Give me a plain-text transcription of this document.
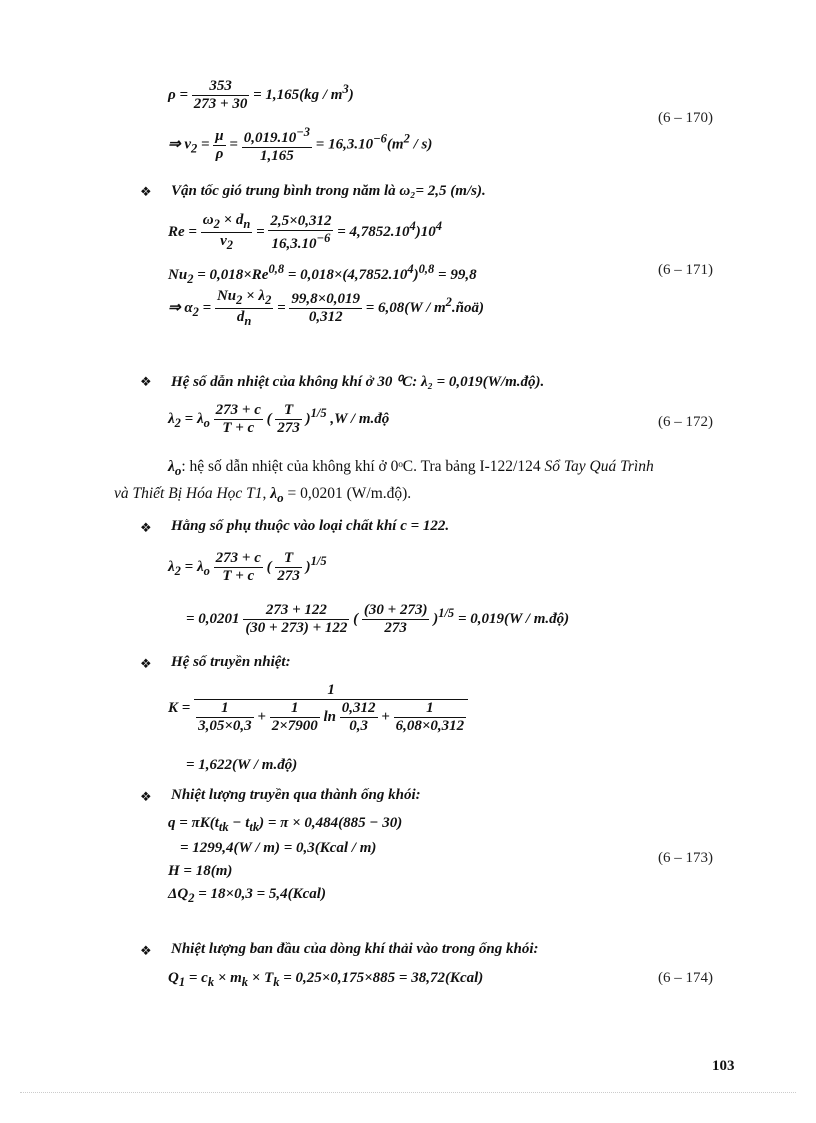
$\rho = \frac{353}{273 + 30} = 1,165(kg / m^3)$
⇒ $\nu_2 = \frac{\mu}{\rho} = \frac{0,019.10^{-3}}{1,165} = 16,3.10^{-6}(m^2 / s)$
(6 – 170)
❖ Vận tốc gió trung bình trong năm là ω₂= 2,5 (m/s).
$Re = \frac{\omega_2 \times d_n}{\nu_2} = \frac{2,5\times 0,312}{16,3.10^{-6}} = 4,7852.10^4)10^4$
$Nu_2 = 0,018\times Re^{0,8} = 0,018\times(4,7852.10^4)^{0,8} = 99,8$	(6 – 171)
⇒ $\alpha_2 = \frac{Nu_2 \times \lambda_2}{d_n} = \frac{99,8\times 0,019}{0,312} = 6,08(W$ / $m^2.ñoä$)
❖ Hệ số dẫn nhiệt của không khí ở 30 ⁰C: λ₂ = 0,019(W/m.độ).
$\lambda_2 = \lambda_o \frac{273 + c}{T + c}$ ( $\frac{T}{273} )^{1/5}$ ,W / m.độ	(6 – 172)
$\lambda_o$: hệ số dẫn nhiệt của không khí ở 0ᵒC. Tra bảng I-122/124 Sổ Tay Quá Trình
và Thiết Bị Hóa Học T1, $\lambda_o = 0,0201$ (W/m.độ).
❖ Hằng số phụ thuộc vào loại chất khí c = 122.
$\lambda_2 = \lambda_o \frac{273 + c}{T + c}$ ( $\frac{T}{273} )^{1/5}$
= $0,0201 \frac{273 + 122}{(30 + 273) + 122}$ ( $\frac{(30 + 273)}{273} )^{1/5} = 0,019(W$ / m.độ)
❖ Hệ số truyền nhiệt:
$K = \frac{1}{\frac{1}{3,05\times 0,3} + \frac{1}{2\times 7900} \ln \frac{0,312}{0,3} + \frac{1}{6,08\times 0,312}}$
= 1,622(W / m.độ)
❖ Nhiệt lượng truyền qua thành ống khói:
$q = \pi K(t_{tk} - t_{tk}) = \pi \times 0,484(885 - 30)$
= 1299,4(W / m) = 0,3(Kcal / m)
H = 18(m)
$\Delta Q_2 = 18\times 0,3$ = 5,4(Kcal)
(6 – 173)
❖ Nhiệt lượng ban đầu của dòng khí thải vào trong ống khói:
$Q_1 = c_k \times m_k \times T_k = 0,25\times 0,175\times 885$ = 38,72(Kcal)	(6 – 174)
103
